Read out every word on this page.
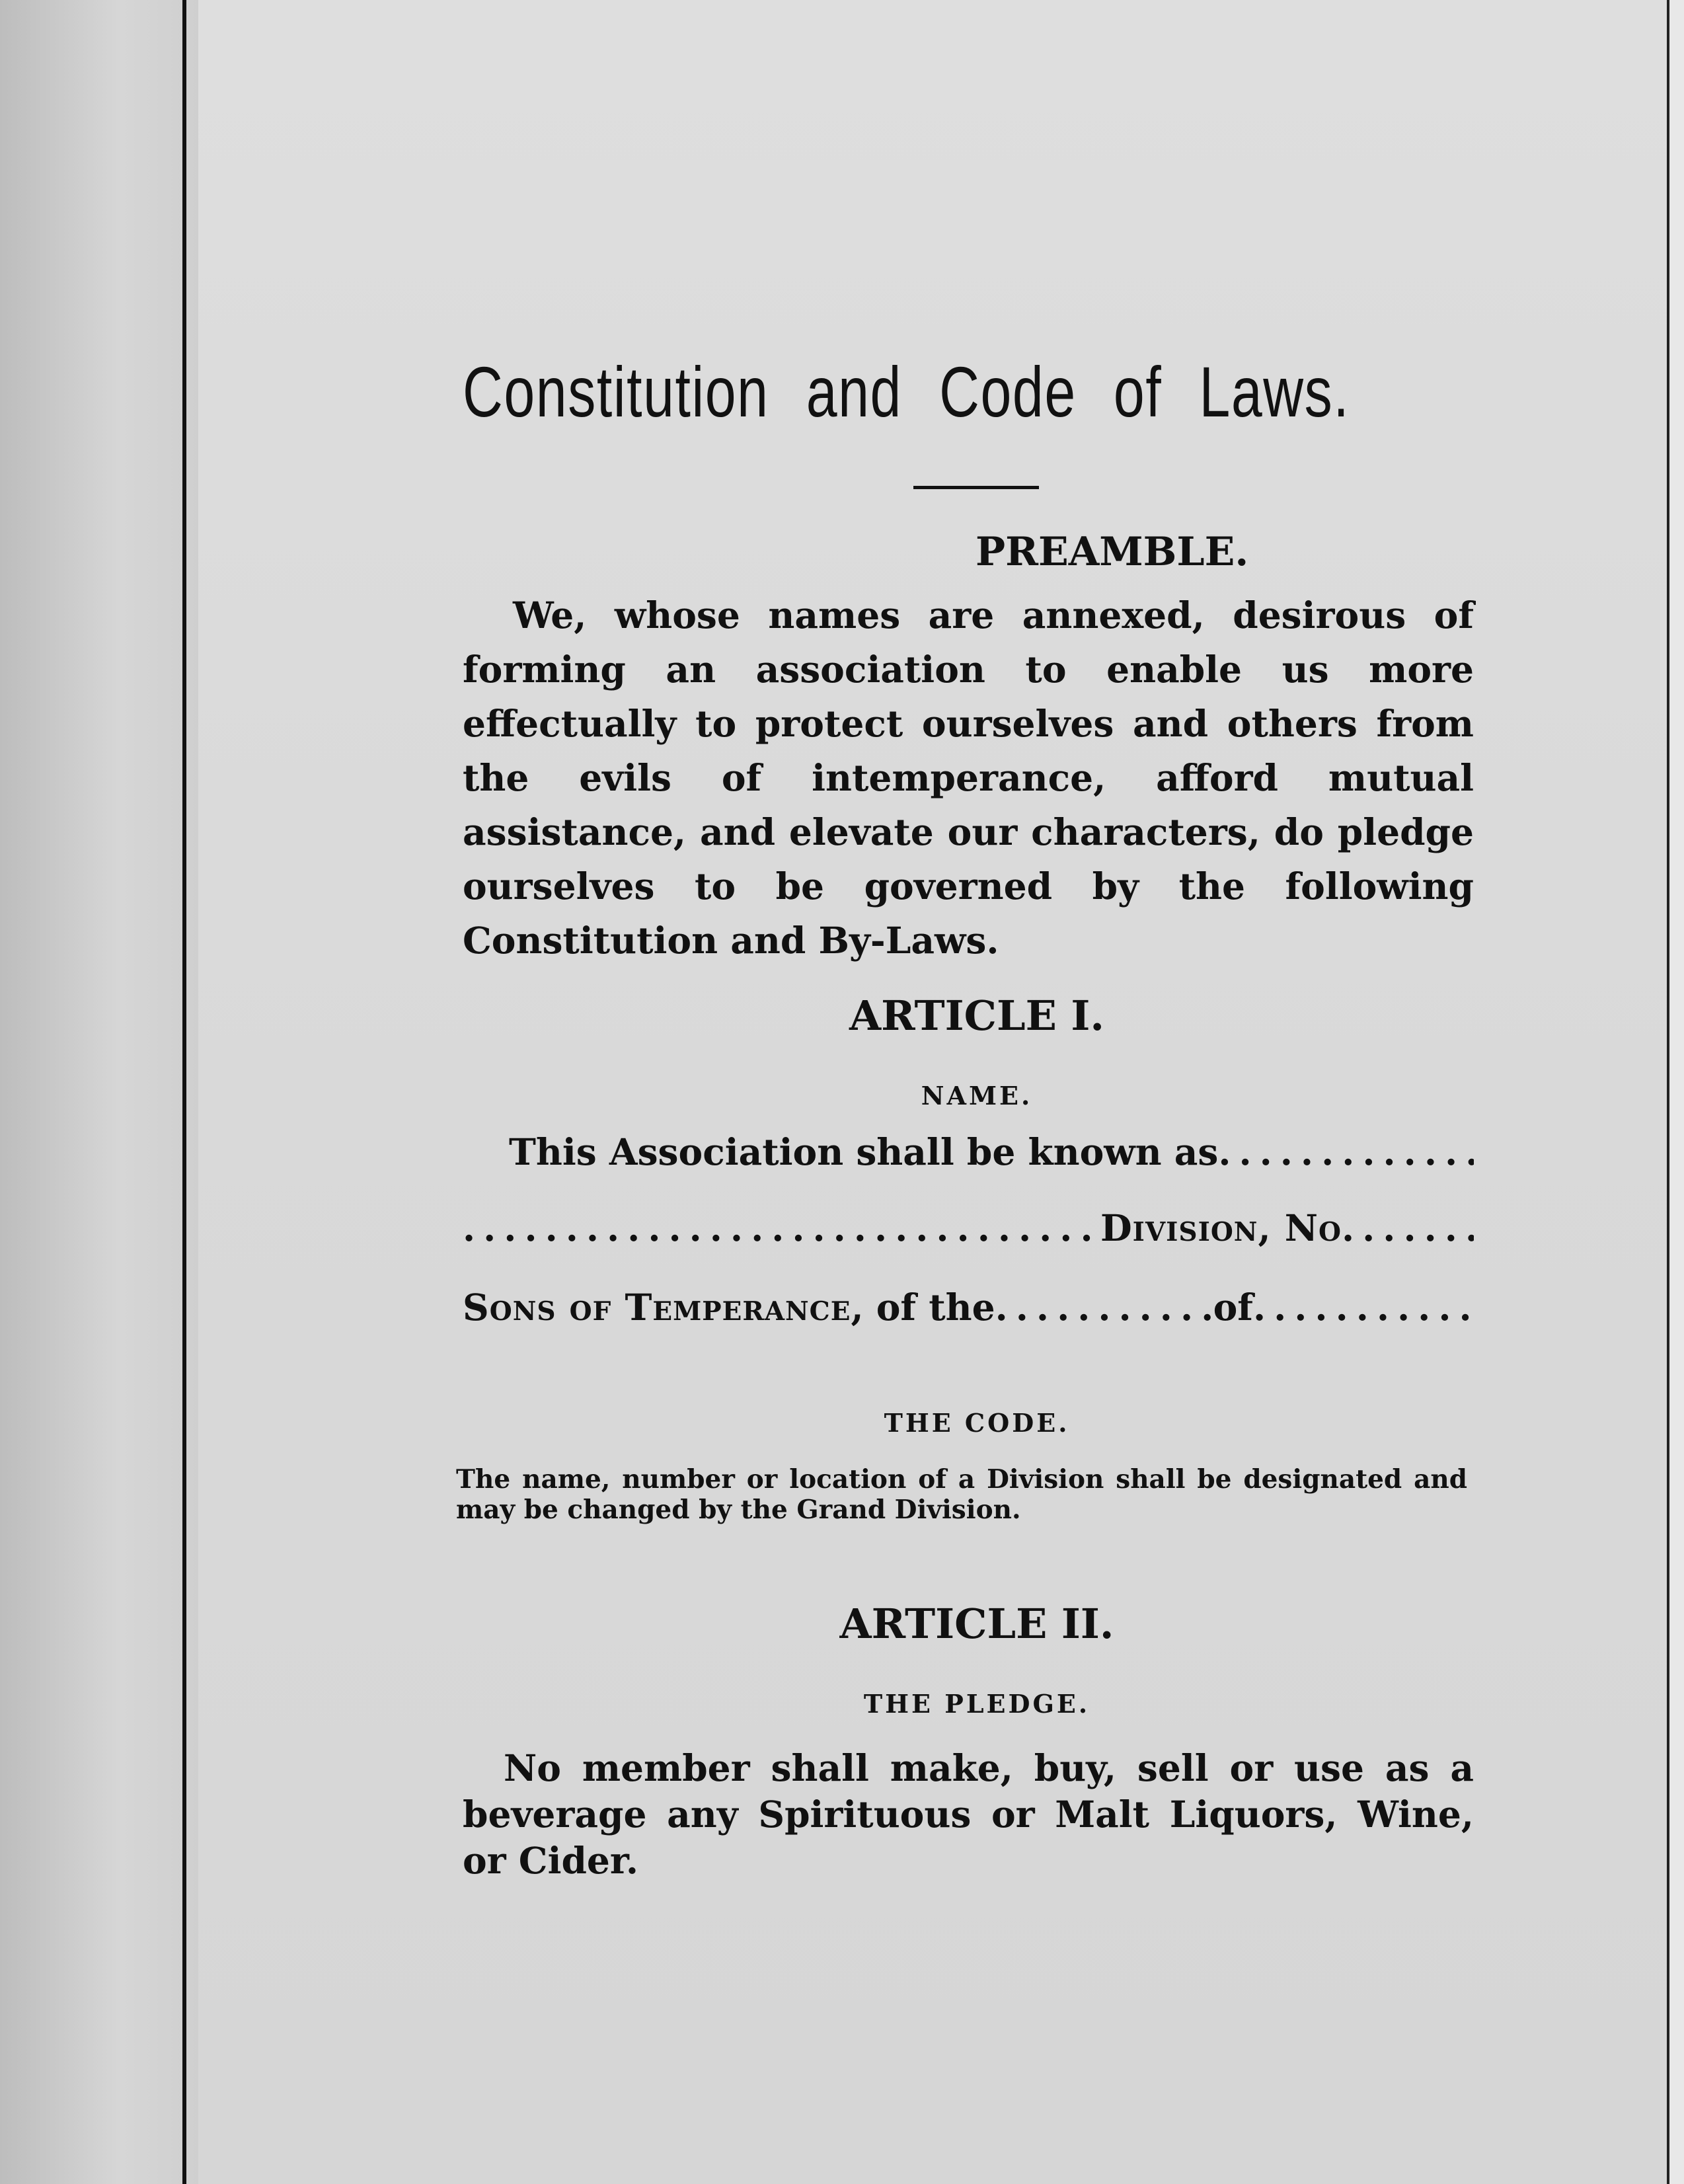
Constitution and Code of Laws.
We, whose names are annexed, desirous of forming an association to enable us more effectually to protect ourselves and others from the evils of intemperance, afford mutual assistance, and elevate our characters, do pledge ourselves to be governed by the following Constitution and By-Laws.
ARTICLE I.
NAME.
This Association shall be known as
.....
.....
Division, No
.....
Sons of Temperance , of the
.....	of
.....
THE CODE.
The name, number or location of a Division shall be designated and may be changed by the Grand Division.
ARTICLE II.
THE PLEDGE.
No member shall make, buy, sell or use as a beverage any Spirituous or Malt Liquors, Wine, or Cider.
